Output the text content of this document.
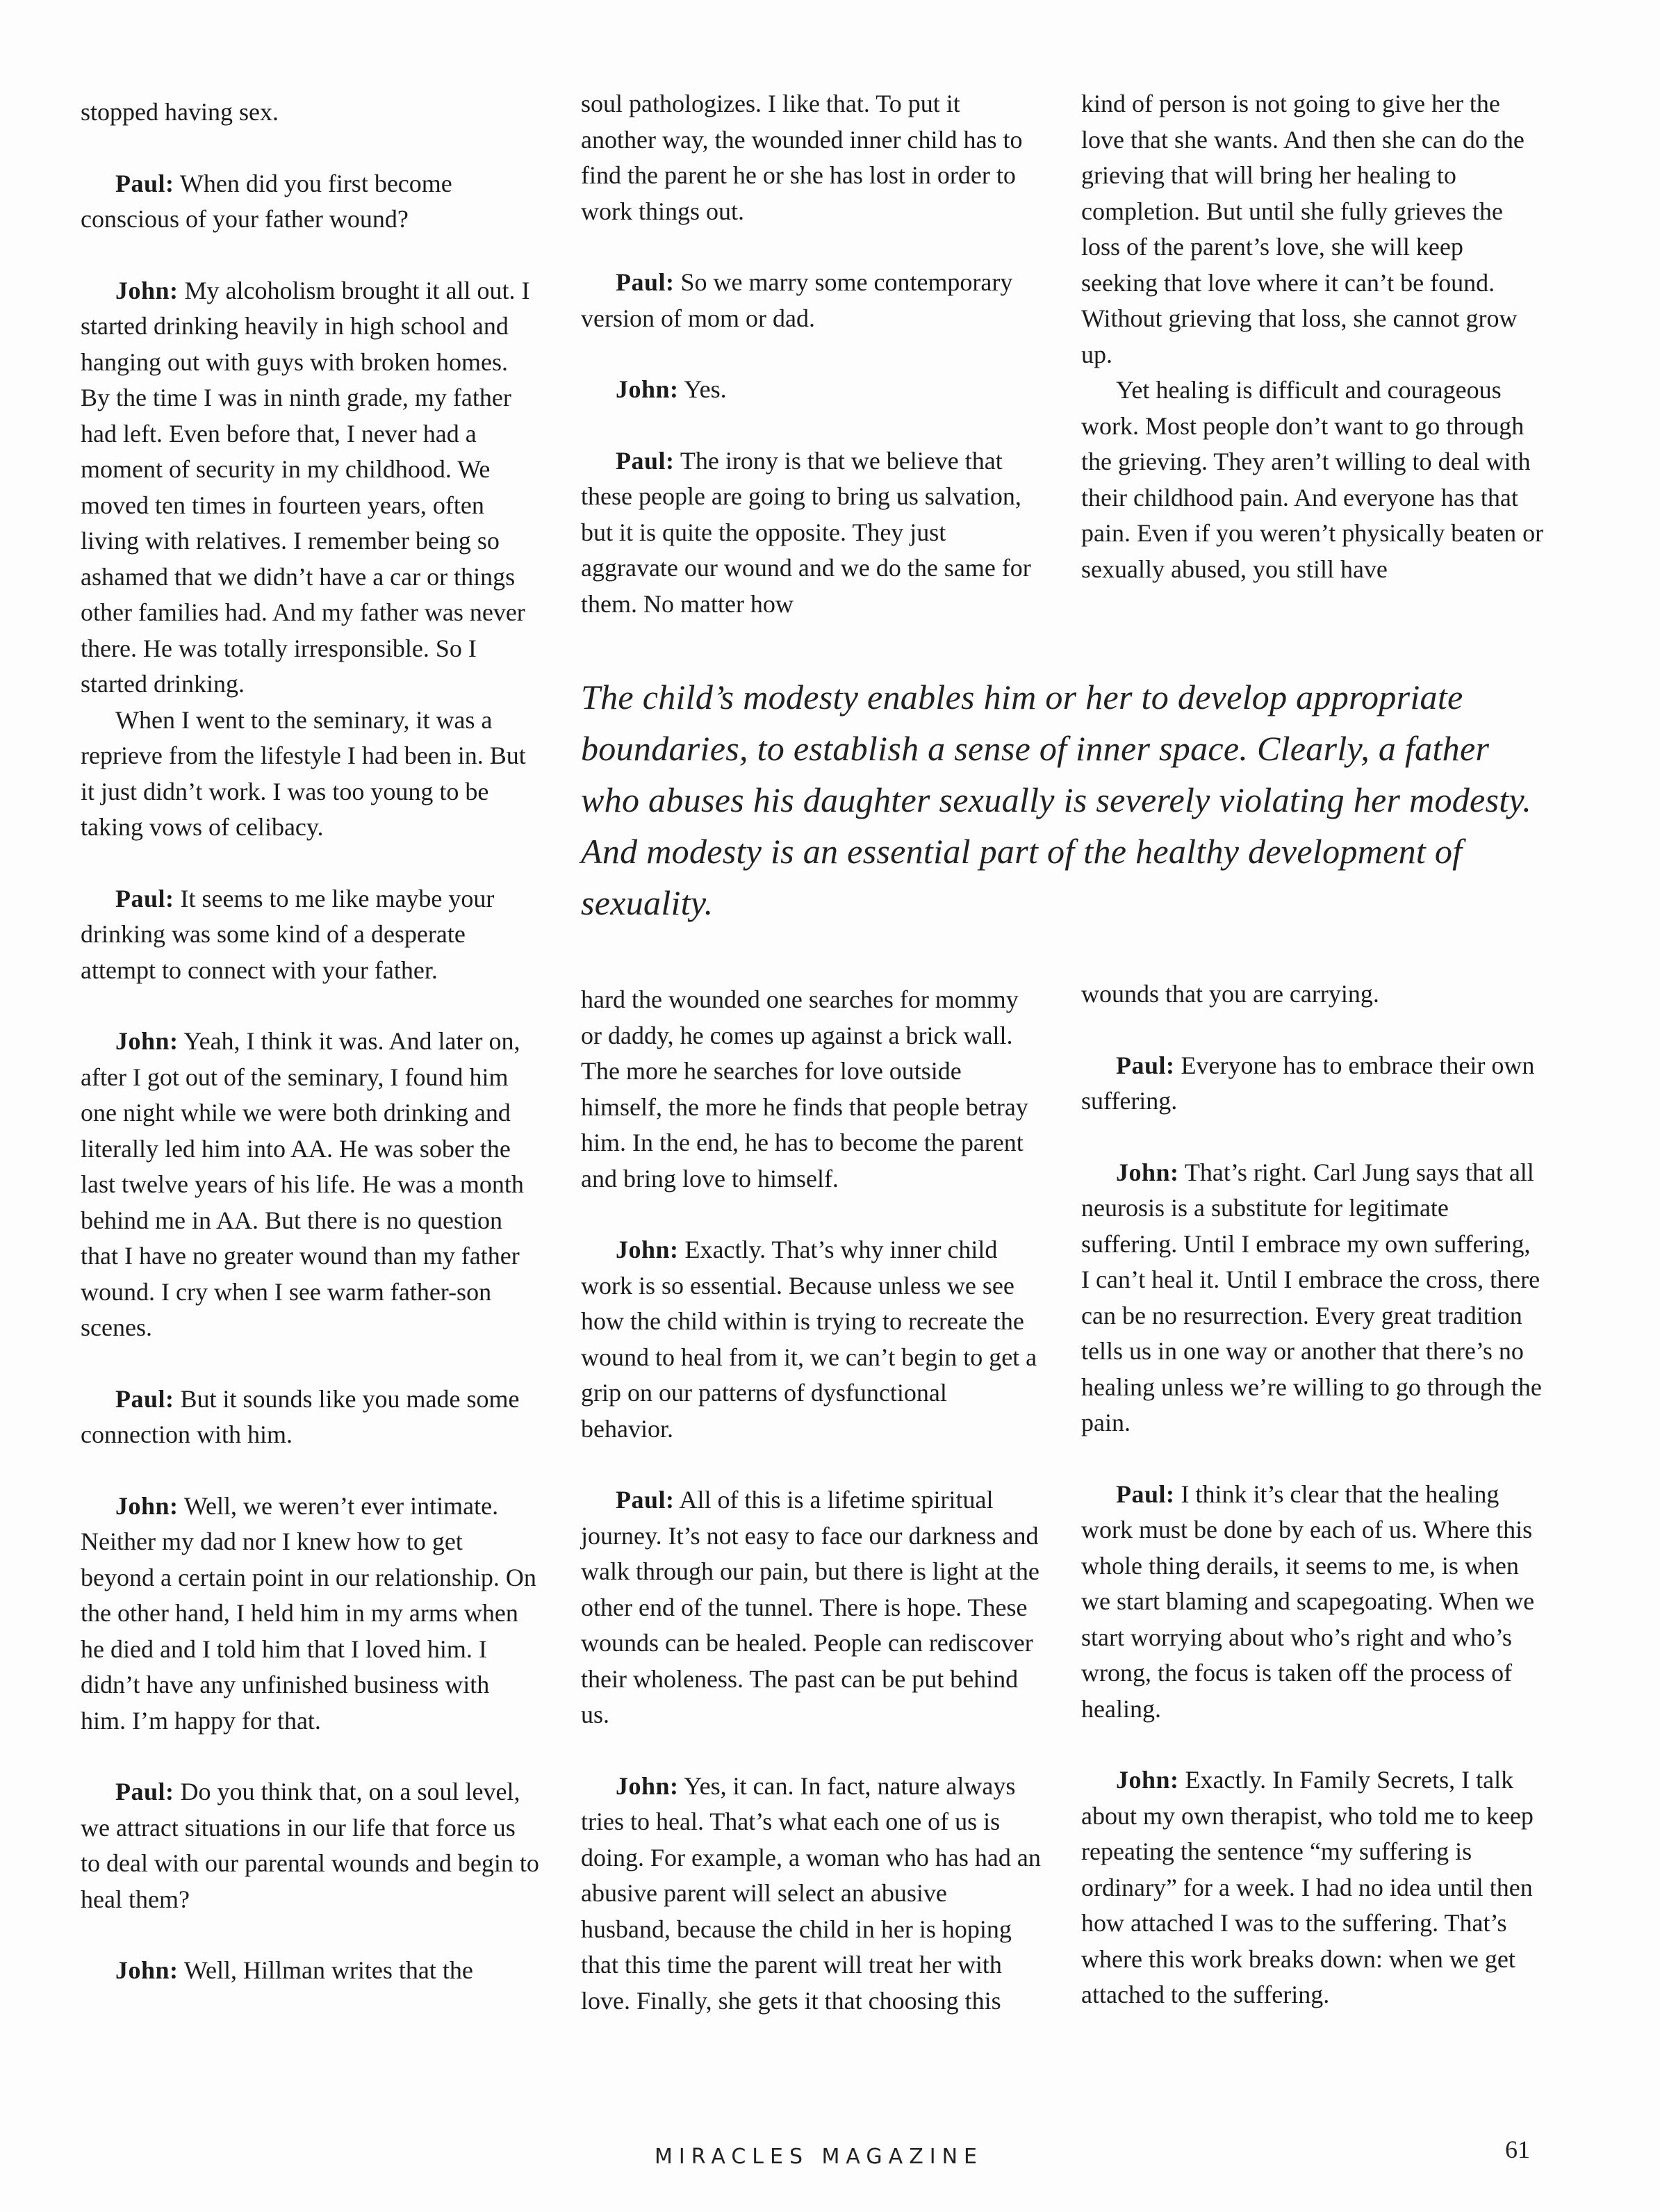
stopped having sex.

Paul: When did you first become conscious of your father wound?

John: My alcoholism brought it all out. I started drinking heavily in high school and hanging out with guys with broken homes. By the time I was in ninth grade, my father had left. Even before that, I never had a moment of security in my childhood. We moved ten times in fourteen years, often living with relatives. I remember being so ashamed that we didn’t have a car or things other families had. And my father was never there. He was totally irresponsible. So I started drinking.

When I went to the seminary, it was a reprieve from the lifestyle I had been in. But it just didn’t work. I was too young to be taking vows of celibacy.

Paul: It seems to me like maybe your drinking was some kind of a desperate attempt to connect with your father.

John: Yeah, I think it was. And later on, after I got out of the seminary, I found him one night while we were both drinking and literally led him into AA. He was sober the last twelve years of his life. He was a month behind me in AA. But there is no question that I have no greater wound than my father wound. I cry when I see warm father-son scenes.

Paul: But it sounds like you made some connection with him.

John: Well, we weren’t ever intimate. Neither my dad nor I knew how to get beyond a certain point in our relationship. On the other hand, I held him in my arms when he died and I told him that I loved him. I didn’t have any unfinished business with him. I’m happy for that.

Paul: Do you think that, on a soul level, we attract situations in our life that force us to deal with our parental wounds and begin to heal them?

John: Well, Hillman writes that the

soul pathologizes. I like that. To put it another way, the wounded inner child has to find the parent he or she has lost in order to work things out.

Paul: So we marry some contemporary version of mom or dad.

John: Yes.

Paul: The irony is that we believe that these people are going to bring us salvation, but it is quite the opposite. They just aggravate our wound and we do the same for them. No matter how

kind of person is not going to give her the love that she wants. And then she can do the grieving that will bring her healing to completion. But until she fully grieves the loss of the parent’s love, she will keep seeking that love where it can’t be found. Without grieving that loss, she cannot grow up.

Yet healing is difficult and courageous work. Most people don’t want to go through the grieving. They aren’t willing to deal with their childhood pain. And everyone has that pain. Even if you weren’t physically beaten or sexually abused, you still have

The child’s modesty enables him or her to develop appropriate boundaries, to establish a sense of inner space. Clearly, a father who abuses his daughter sexually is severely violating her modesty. And modesty is an essential part of the healthy development of sexuality.

hard the wounded one searches for mommy or daddy, he comes up against a brick wall. The more he searches for love outside himself, the more he finds that people betray him. In the end, he has to become the parent and bring love to himself.

John: Exactly. That’s why inner child work is so essential. Because unless we see how the child within is trying to recreate the wound to heal from it, we can’t begin to get a grip on our patterns of dysfunctional behavior.

Paul: All of this is a lifetime spiritual journey. It’s not easy to face our darkness and walk through our pain, but there is light at the other end of the tunnel. There is hope. These wounds can be healed. People can rediscover their wholeness. The past can be put behind us.

John: Yes, it can. In fact, nature always tries to heal. That’s what each one of us is doing. For example, a woman who has had an abusive parent will select an abusive husband, because the child in her is hoping that this time the parent will treat her with love. Finally, she gets it that choosing this

wounds that you are carrying.

Paul: Everyone has to embrace their own suffering.

John: That’s right. Carl Jung says that all neurosis is a substitute for legitimate suffering. Until I embrace my own suffering, I can’t heal it. Until I embrace the cross, there can be no resurrection. Every great tradition tells us in one way or another that there’s no healing unless we’re willing to go through the pain.

Paul: I think it’s clear that the healing work must be done by each of us. Where this whole thing derails, it seems to me, is when we start blaming and scapegoating. When we start worrying about who’s right and who’s wrong, the focus is taken off the process of healing.

John: Exactly. In Family Secrets, I talk about my own therapist, who told me to keep repeating the sentence “my suffering is ordinary” for a week. I had no idea until then how attached I was to the suffering. That’s where this work breaks down: when we get attached to the suffering.

MIRACLES MAGAZINE	61
